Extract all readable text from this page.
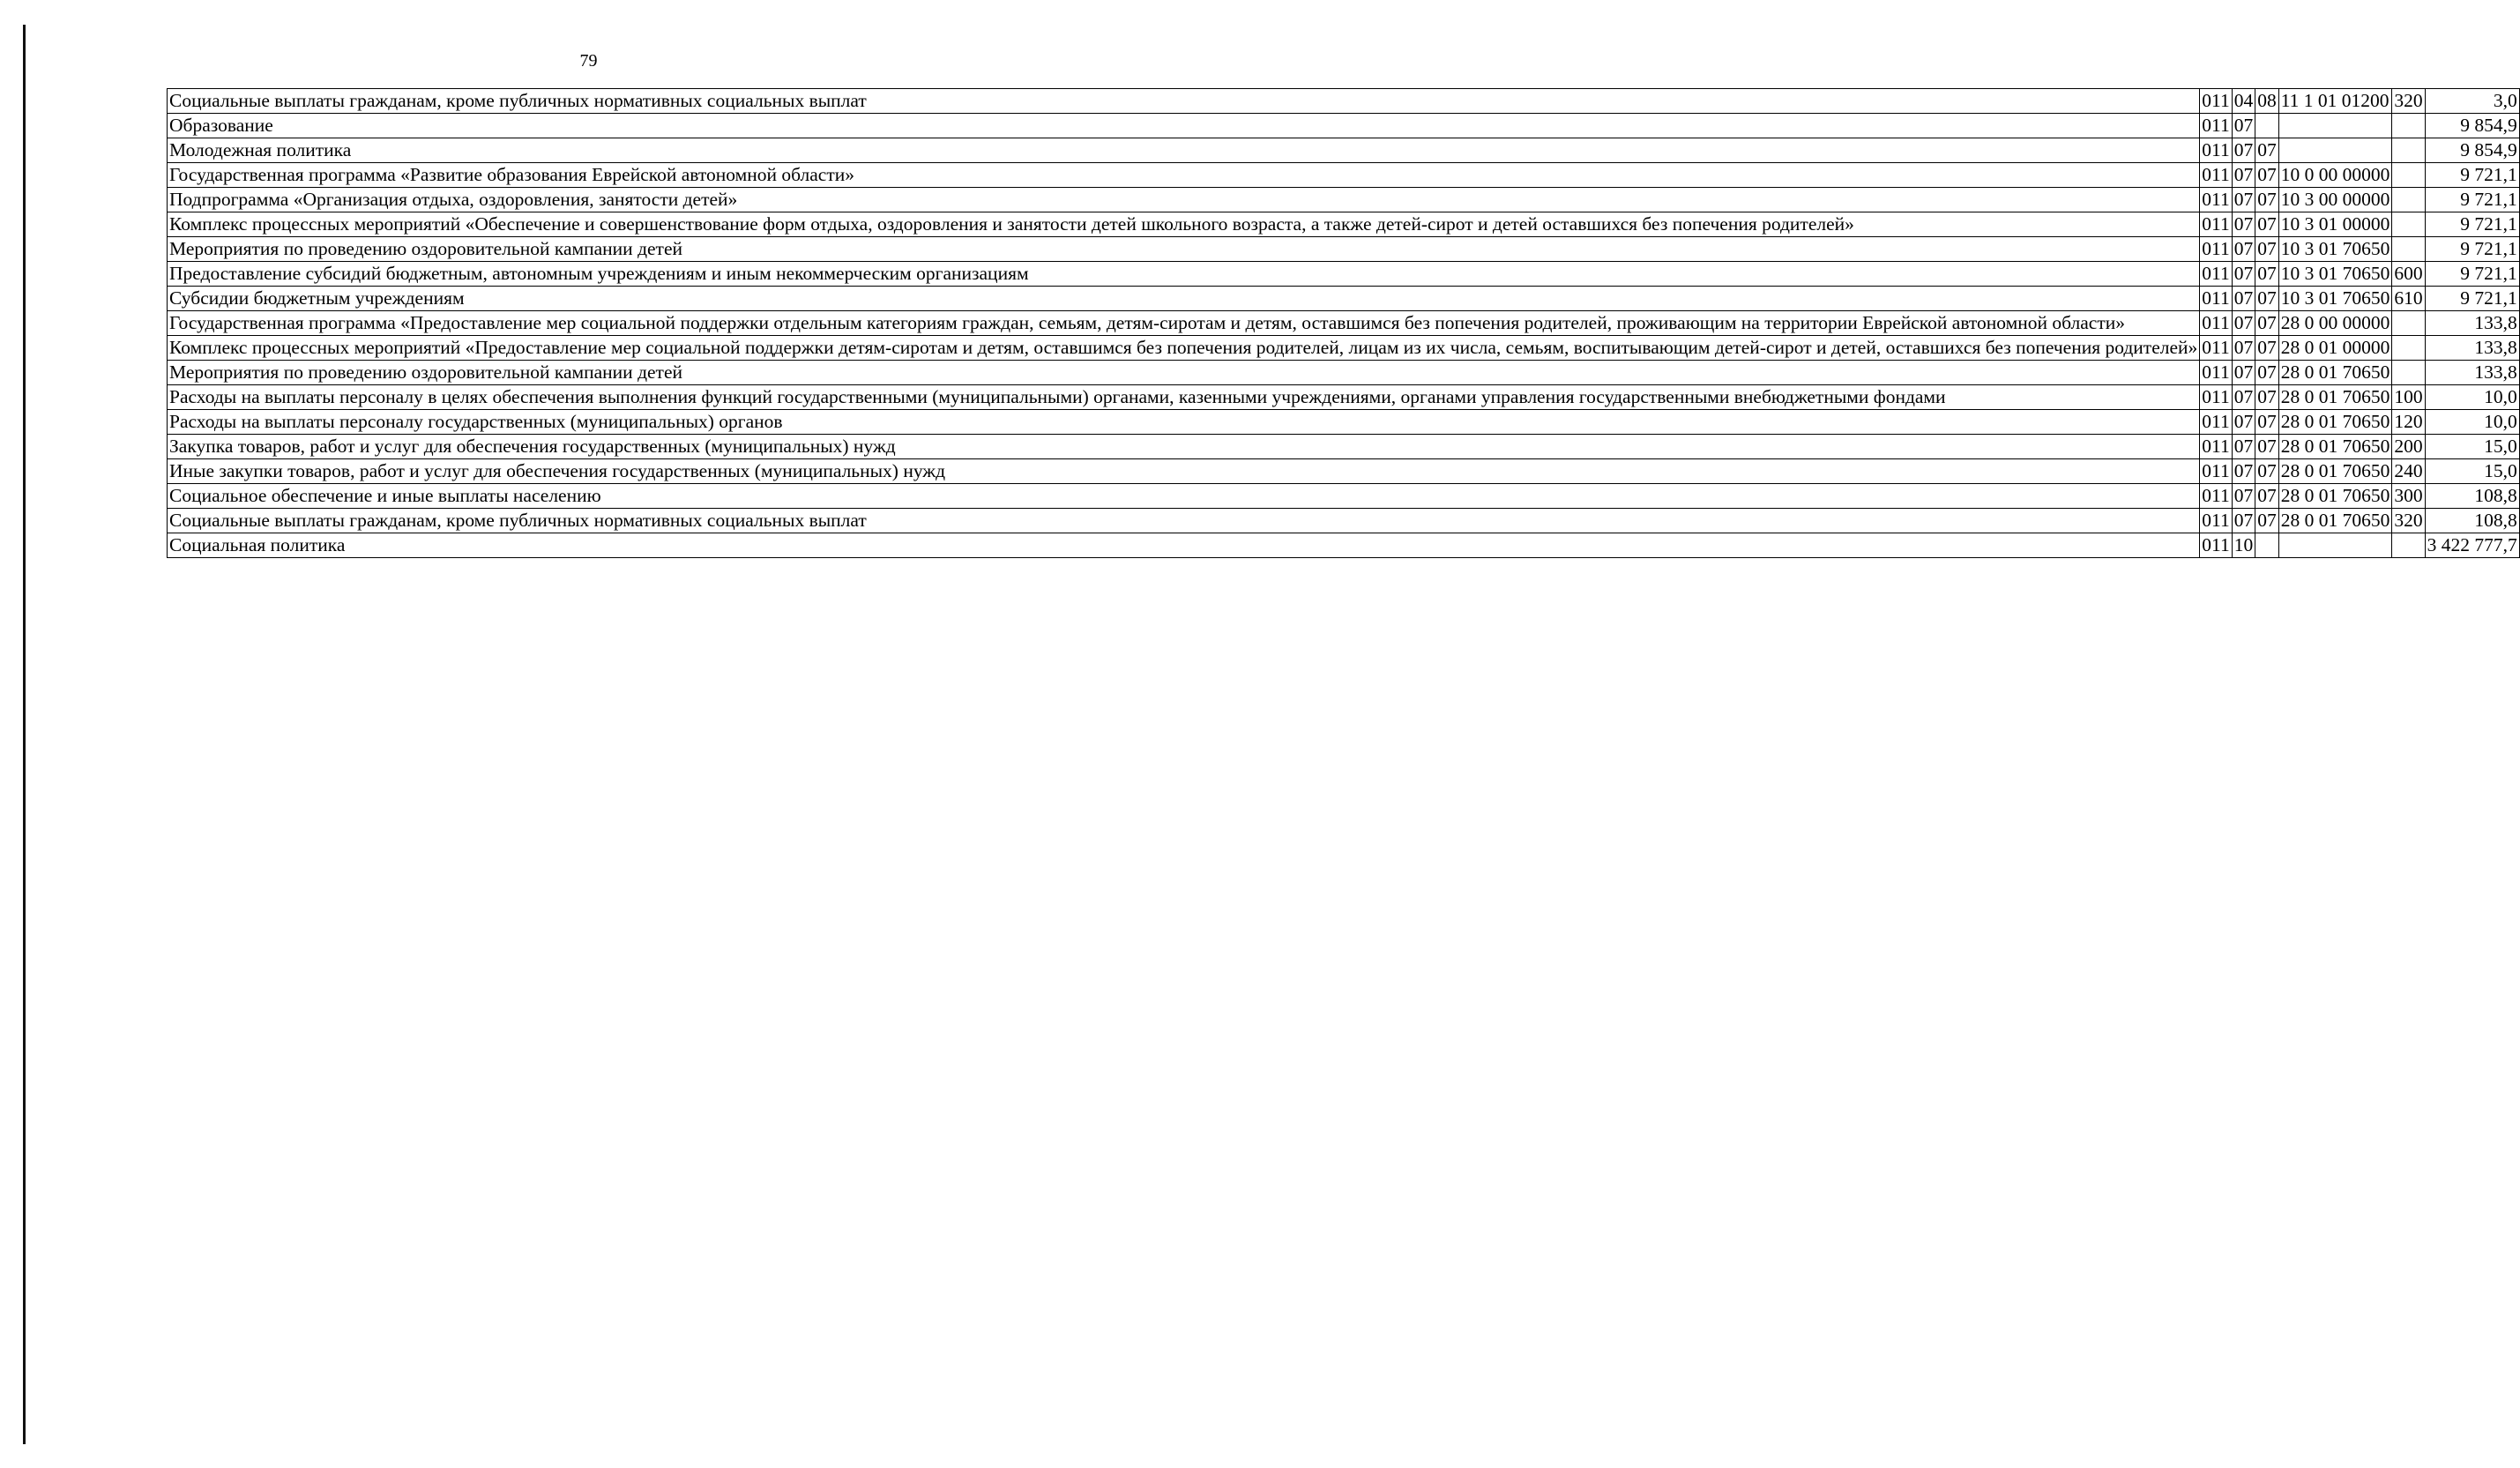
79
Социальные выплаты гражданам, кроме публичных нормативных социальных выплат	011	04	08	11 1 01 01200	320	3,0
Образование	011	07				9 854,9
Молодежная политика	011	07	07			9 854,9
Государственная программа «Развитие образования Еврейской автономной области»	011	07	07	10 0 00 00000		9 721,1
Подпрограмма «Организация отдыха, оздоровления, занятости детей»	011	07	07	10 3 00 00000		9 721,1
Комплекс процессных мероприятий «Обеспечение и совершенствование форм отдыха, оздоровления и занятости детей школьного возраста, а также детей-сирот и детей оставшихся без попечения родителей»	011	07	07	10 3 01 00000		9 721,1
Мероприятия по проведению оздоровительной кампании детей	011	07	07	10 3 01 70650		9 721,1
Предоставление субсидий бюджетным, автономным учреждениям и иным некоммерческим организациям	011	07	07	10 3 01 70650	600	9 721,1
Субсидии бюджетным учреждениям	011	07	07	10 3 01 70650	610	9 721,1
Государственная программа «Предоставление мер социальной поддержки отдельным категориям граждан, семьям, детям-сиротам и детям, оставшимся без попечения родителей, проживающим на территории Еврейской автономной области»	011	07	07	28 0 00 00000		133,8
Комплекс процессных мероприятий «Предоставление мер социальной поддержки детям-сиротам и детям, оставшимся без попечения родителей, лицам из их числа, семьям, воспитывающим детей-сирот и детей, оставшихся без попечения родителей»	011	07	07	28 0 01 00000		133,8
Мероприятия по проведению оздоровительной кампании детей	011	07	07	28 0 01 70650		133,8
Расходы на выплаты персоналу в целях обеспечения выполнения функций государственными (муниципальными) органами, казенными учреждениями, органами управления государственными внебюджетными фондами	011	07	07	28 0 01 70650	100	10,0
Расходы на выплаты персоналу государственных (муниципальных) органов	011	07	07	28 0 01 70650	120	10,0
Закупка товаров, работ и услуг для обеспечения государственных (муниципальных) нужд	011	07	07	28 0 01 70650	200	15,0
Иные закупки товаров, работ и услуг для обеспечения государственных (муниципальных) нужд	011	07	07	28 0 01 70650	240	15,0
Социальное обеспечение и иные выплаты населению	011	07	07	28 0 01 70650	300	108,8
Социальные выплаты гражданам, кроме публичных нормативных социальных выплат	011	07	07	28 0 01 70650	320	108,8
Социальная политика	011	10				3 422 777,7
